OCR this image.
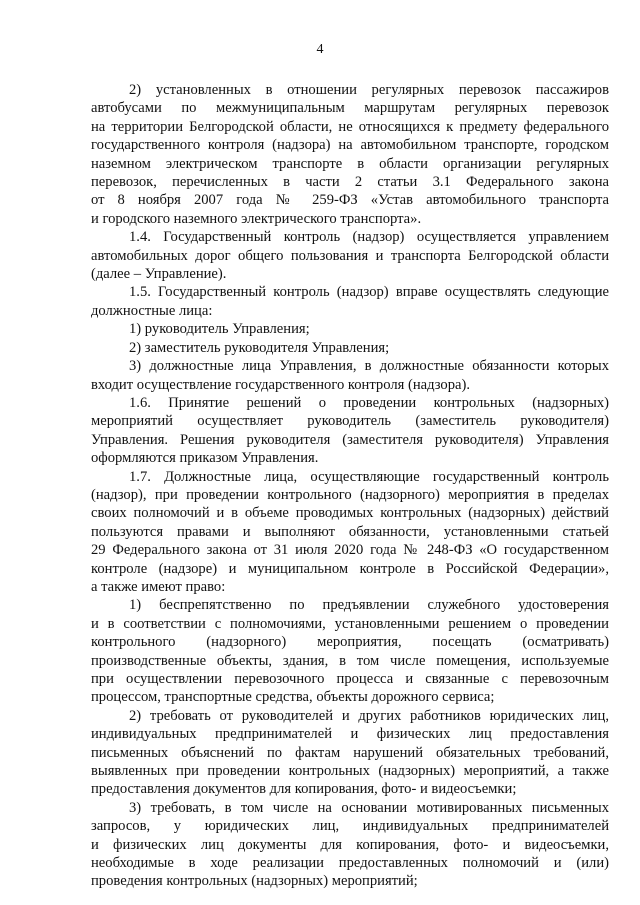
4
2) установленных в отношении регулярных перевозок пассажиров
автобусами по межмуниципальным маршрутам регулярных перевозок
на территории Белгородской области, не относящихся к предмету федерального
государственного контроля (надзора) на автомобильном транспорте, городском
наземном электрическом транспорте в области организации регулярных
перевозок, перечисленных в части 2 статьи 3.1 Федерального закона
от 8 ноября 2007 года № 259-ФЗ «Устав автомобильного транспорта
и городского наземного электрического транспорта».
1.4. Государственный контроль (надзор) осуществляется управлением
автомобильных дорог общего пользования и транспорта Белгородской области
(далее – Управление).
1.5. Государственный контроль (надзор) вправе осуществлять следующие
должностные лица:
1) руководитель Управления;
2) заместитель руководителя Управления;
3) должностные лица Управления, в должностные обязанности которых
входит осуществление государственного контроля (надзора).
1.6. Принятие решений о проведении контрольных (надзорных)
мероприятий осуществляет руководитель (заместитель руководителя)
Управления. Решения руководителя (заместителя руководителя) Управления
оформляются приказом Управления.
1.7. Должностные лица, осуществляющие государственный контроль
(надзор), при проведении контрольного (надзорного) мероприятия в пределах
своих полномочий и в объеме проводимых контрольных (надзорных) действий
пользуются правами и выполняют обязанности, установленными статьей
29 Федерального закона от 31 июля 2020 года № 248-ФЗ «О государственном
контроле (надзоре) и муниципальном контроле в Российской Федерации»,
а также имеют право:
1) беспрепятственно по предъявлении служебного удостоверения
и в соответствии с полномочиями, установленными решением о проведении
контрольного (надзорного) мероприятия, посещать (осматривать)
производственные объекты, здания, в том числе помещения, используемые
при осуществлении перевозочного процесса и связанные с перевозочным
процессом, транспортные средства, объекты дорожного сервиса;
2) требовать от руководителей и других работников юридических лиц,
индивидуальных предпринимателей и физических лиц предоставления
письменных объяснений по фактам нарушений обязательных требований,
выявленных при проведении контрольных (надзорных) мероприятий, а также
предоставления документов для копирования, фото- и видеосъемки;
3) требовать, в том числе на основании мотивированных письменных
запросов, у юридических лиц, индивидуальных предпринимателей
и физических лиц документы для копирования, фото- и видеосъемки,
необходимые в ходе реализации предоставленных полномочий и (или)
проведения контрольных (надзорных) мероприятий;
